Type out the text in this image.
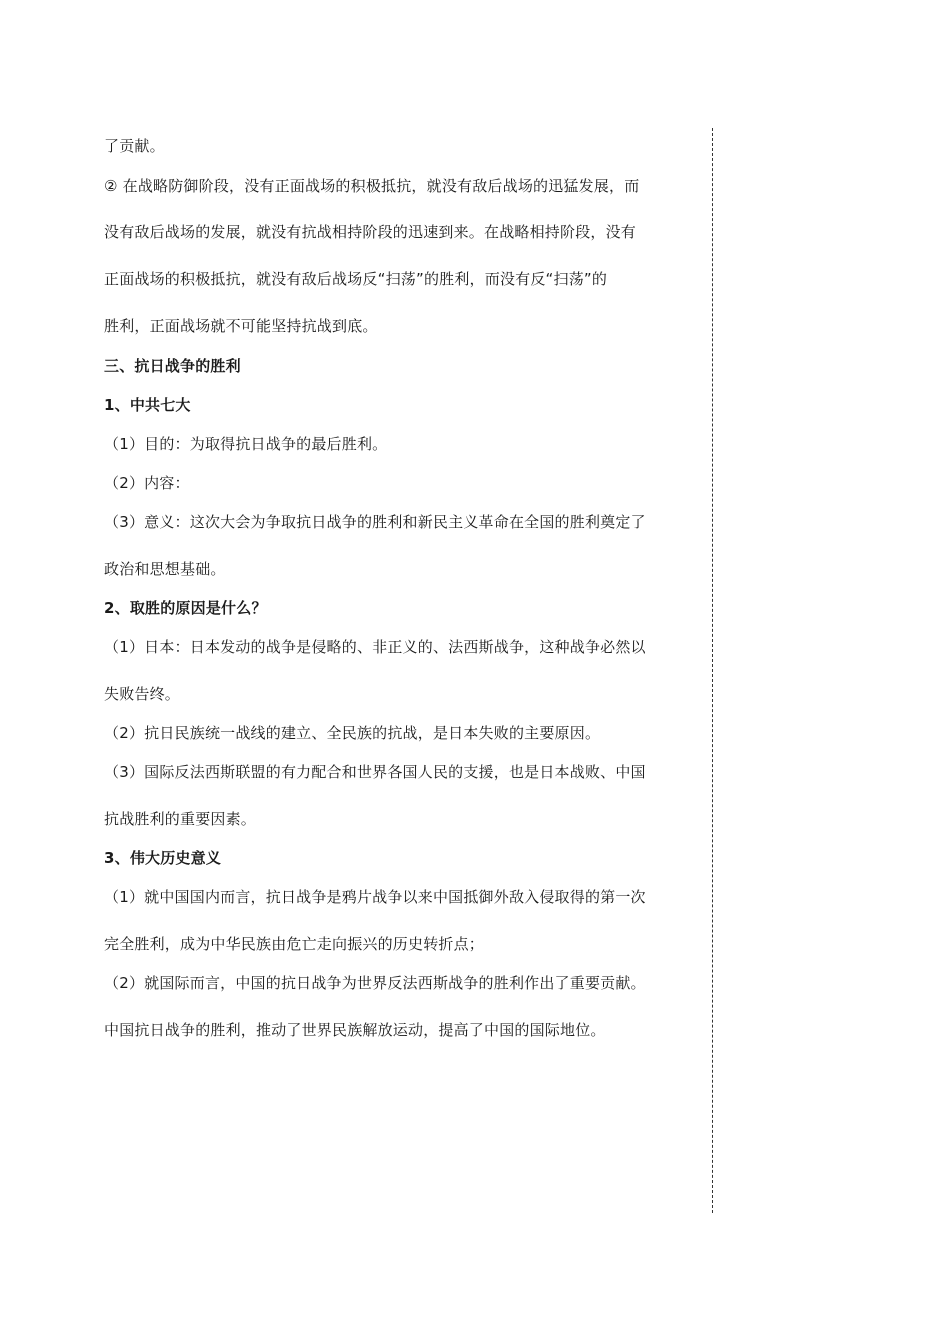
了贡献。
② 在战略防御阶段，没有正面战场的积极抵抗，就没有敌后战场的迅猛发展，而
没有敌后战场的发展，就没有抗战相持阶段的迅速到来。在战略相持阶段，没有
正面战场的积极抵抗，就没有敌后战场反“扫荡”的胜利，而没有反“扫荡”的
胜利，正面战场就不可能坚持抗战到底。
三、抗日战争的胜利
1、中共七大
（1）目的：为取得抗日战争的最后胜利。
（2）内容：
（3）意义：这次大会为争取抗日战争的胜利和新民主义革命在全国的胜利奠定了
政治和思想基础。
2、取胜的原因是什么？
（1）日本：日本发动的战争是侵略的、非正义的、法西斯战争，这种战争必然以
失败告终。
（2）抗日民族统一战线的建立、全民族的抗战，是日本失败的主要原因。
（3）国际反法西斯联盟的有力配合和世界各国人民的支援，也是日本战败、中国
抗战胜利的重要因素。
3、伟大历史意义
（1）就中国国内而言，抗日战争是鸦片战争以来中国抵御外敌入侵取得的第一次
完全胜利，成为中华民族由危亡走向振兴的历史转折点；
（2）就国际而言，中国的抗日战争为世界反法西斯战争的胜利作出了重要贡献。
中国抗日战争的胜利，推动了世界民族解放运动，提高了中国的国际地位。
